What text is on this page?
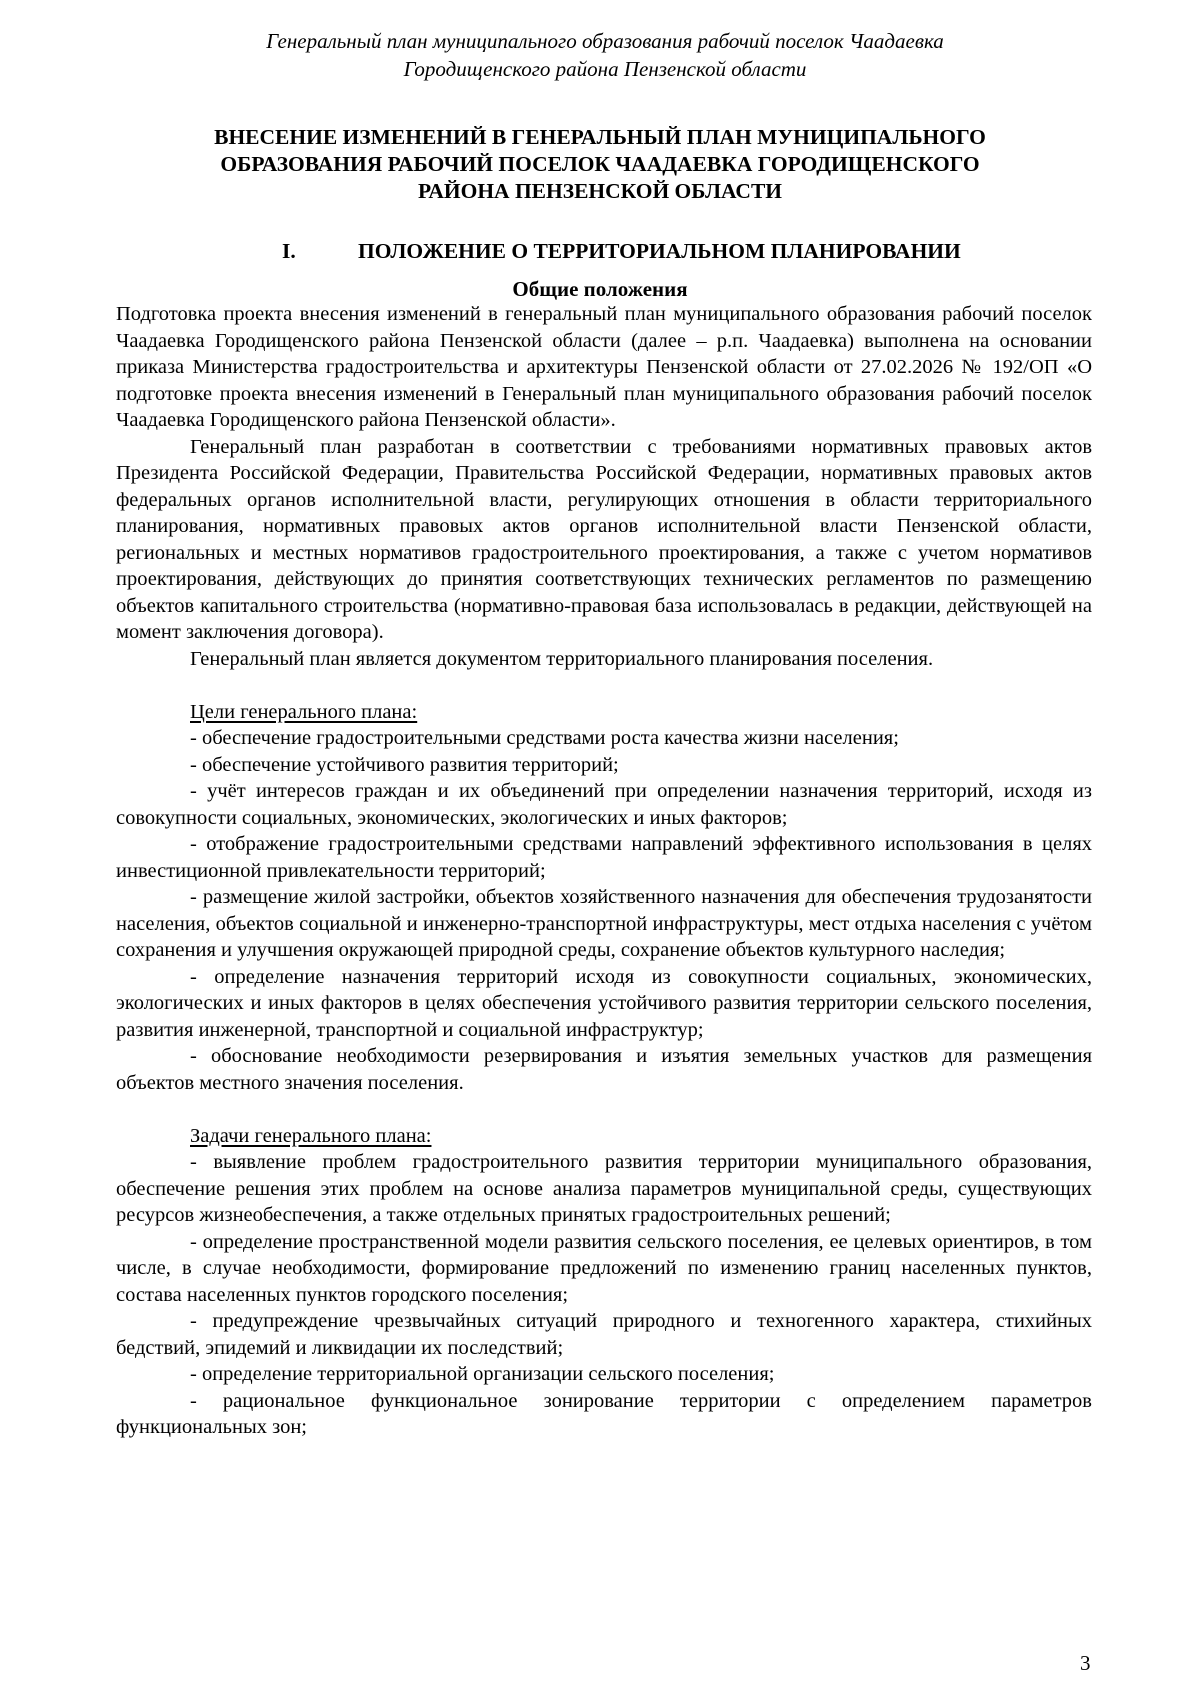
Генеральный план муниципального образования рабочий поселок Чаадаевка
Городищенского района Пензенской области
ВНЕСЕНИЕ ИЗМЕНЕНИЙ В ГЕНЕРАЛЬНЫЙ ПЛАН МУНИЦИПАЛЬНОГО
ОБРАЗОВАНИЯ РАБОЧИЙ ПОСЕЛОК ЧААДАЕВКА ГОРОДИЩЕНСКОГО
РАЙОНА ПЕНЗЕНСКОЙ ОБЛАСТИ
I.	ПОЛОЖЕНИЕ О ТЕРРИТОРИАЛЬНОМ ПЛАНИРОВАНИИ
Общие положения

Подготовка проекта внесения изменений в генеральный план муниципального образования рабочий поселок Чаадаевка Городищенского района Пензенской области (далее – р.п. Чаадаевка) выполнена на основании приказа Министерства градостроительства и архитектуры Пензенской области от 27.02.2026 № 192/ОП «О подготовке проекта внесения изменений в Генеральный план муниципального образования рабочий поселок Чаадаевка Городищенского района Пензенской области».

Генеральный план разработан в соответствии с требованиями нормативных правовых актов Президента Российской Федерации, Правительства Российской Федерации, нормативных правовых актов федеральных органов исполнительной власти, регулирующих отношения в области территориального планирования, нормативных правовых актов органов исполнительной власти Пензенской области, региональных и местных нормативов градостроительного проектирования, а также с учетом нормативов проектирования, действующих до принятия соответствующих технических регламентов по размещению объектов капитального строительства (нормативно-правовая база использовалась в редакции, действующей на момент заключения договора).

Генеральный план является документом территориального планирования поселения.

Цели генерального плана:

- обеспечение градостроительными средствами роста качества жизни населения;

- обеспечение устойчивого развития территорий;

- учёт интересов граждан и их объединений при определении назначения территорий, исходя из совокупности социальных, экономических, экологических и иных факторов;

- отображение градостроительными средствами направлений эффективного использования в целях инвестиционной привлекательности территорий;

- размещение жилой застройки, объектов хозяйственного назначения для обеспечения трудозанятости населения, объектов социальной и инженерно-транспортной инфраструктуры, мест отдыха населения с учётом сохранения и улучшения окружающей природной среды, сохранение объектов культурного наследия;

- определение назначения территорий исходя из совокупности социальных, экономических, экологических и иных факторов в целях обеспечения устойчивого развития территории сельского поселения, развития инженерной, транспортной и социальной инфраструктур;

- обоснование необходимости резервирования и изъятия земельных участков для размещения объектов местного значения поселения.

Задачи генерального плана:

- выявление проблем градостроительного развития территории муниципального образования, обеспечение решения этих проблем на основе анализа параметров муниципальной среды, существующих ресурсов жизнеобеспечения, а также отдельных принятых градостроительных решений;

- определение пространственной модели развития сельского поселения, ее целевых ориентиров, в том числе, в случае необходимости, формирование предложений по изменению границ населенных пунктов, состава населенных пунктов городского поселения;

- предупреждение чрезвычайных ситуаций природного и техногенного характера, стихийных бедствий, эпидемий и ликвидации их последствий;

- определение территориальной организации сельского поселения;

- рациональное функциональное зонирование территории с определением параметров функциональных зон;

3
